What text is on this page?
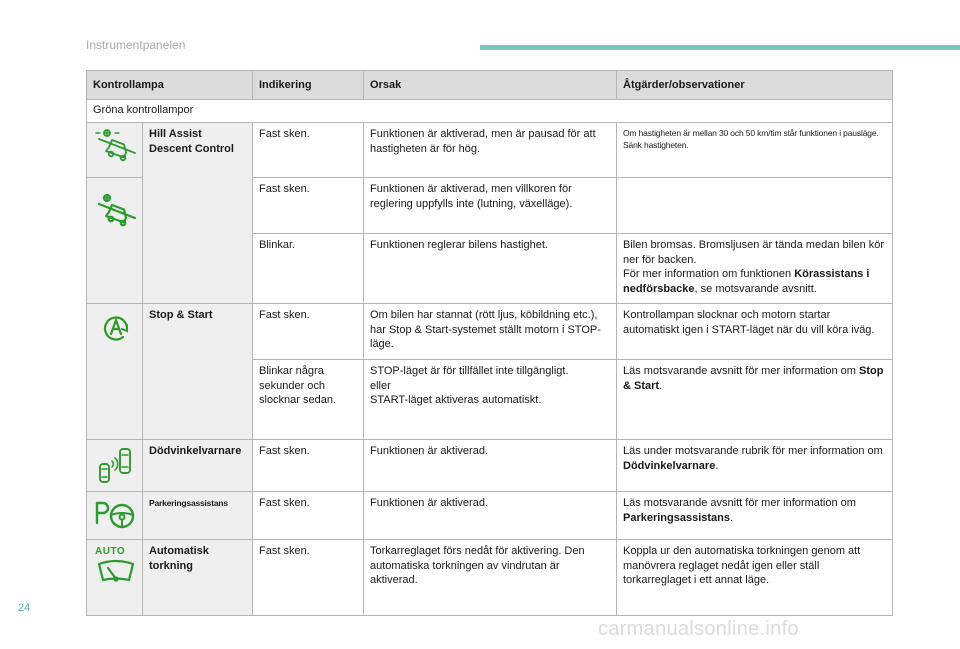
Instrumentpanelen
Kontrollampa		Indikering	Orsak	Åtgärder/observationer
Gröna kontrollampor				

	Hill Assist Descent Control	Fast sken.	Funktionen är aktiverad, men är pausad för att hastigheten är för hög.	Om hastigheten är mellan 30 och 50 km/tim står funktionen i pausläge. Sänk hastigheten.

	Fast sken.	Funktionen är aktiverad, men villkoren för reglering uppfylls inte (lutning, växelläge).	
		Blinkar.	Funktionen reglerar bilens hastighet.	Bilen bromsas. Bromsljusen är tända medan bilen kör ner för backen.
För mer information om funktionen Körassistans i nedförsbacke, se motsvarande avsnitt.

	Stop & Start	Fast sken.	Om bilen har stannat (rött ljus, köbildning etc.), har Stop & Start-systemet ställt motorn i STOP-läge.	Kontrollampan slocknar och motorn startar automatiskt igen i START-läget när du vill köra iväg.
		Blinkar några sekunder och slocknar sedan.	STOP-läget är för tillfället inte tillgängligt.
eller
START-läget aktiveras automatiskt.	Läs motsvarande avsnitt för mer information om Stop & Start.

	Dödvinkelvarnare	Fast sken.	Funktionen är aktiverad.	Läs under motsvarande rubrik för mer information om Dödvinkelvarnare.

	Parkeringsassistans	Fast sken.	Funktionen är aktiverad.	Läs motsvarande avsnitt för mer information om Parkeringsassistans.

AUTO	Automatisk torkning	Fast sken.	Torkarreglaget förs nedåt för aktivering. Den automatiska torkningen av vindrutan är aktiverad.	Koppla ur den automatiska torkningen genom att manövrera reglaget nedåt igen eller ställ torkarreglaget i ett annat läge.
24
carmanualsonline.info
